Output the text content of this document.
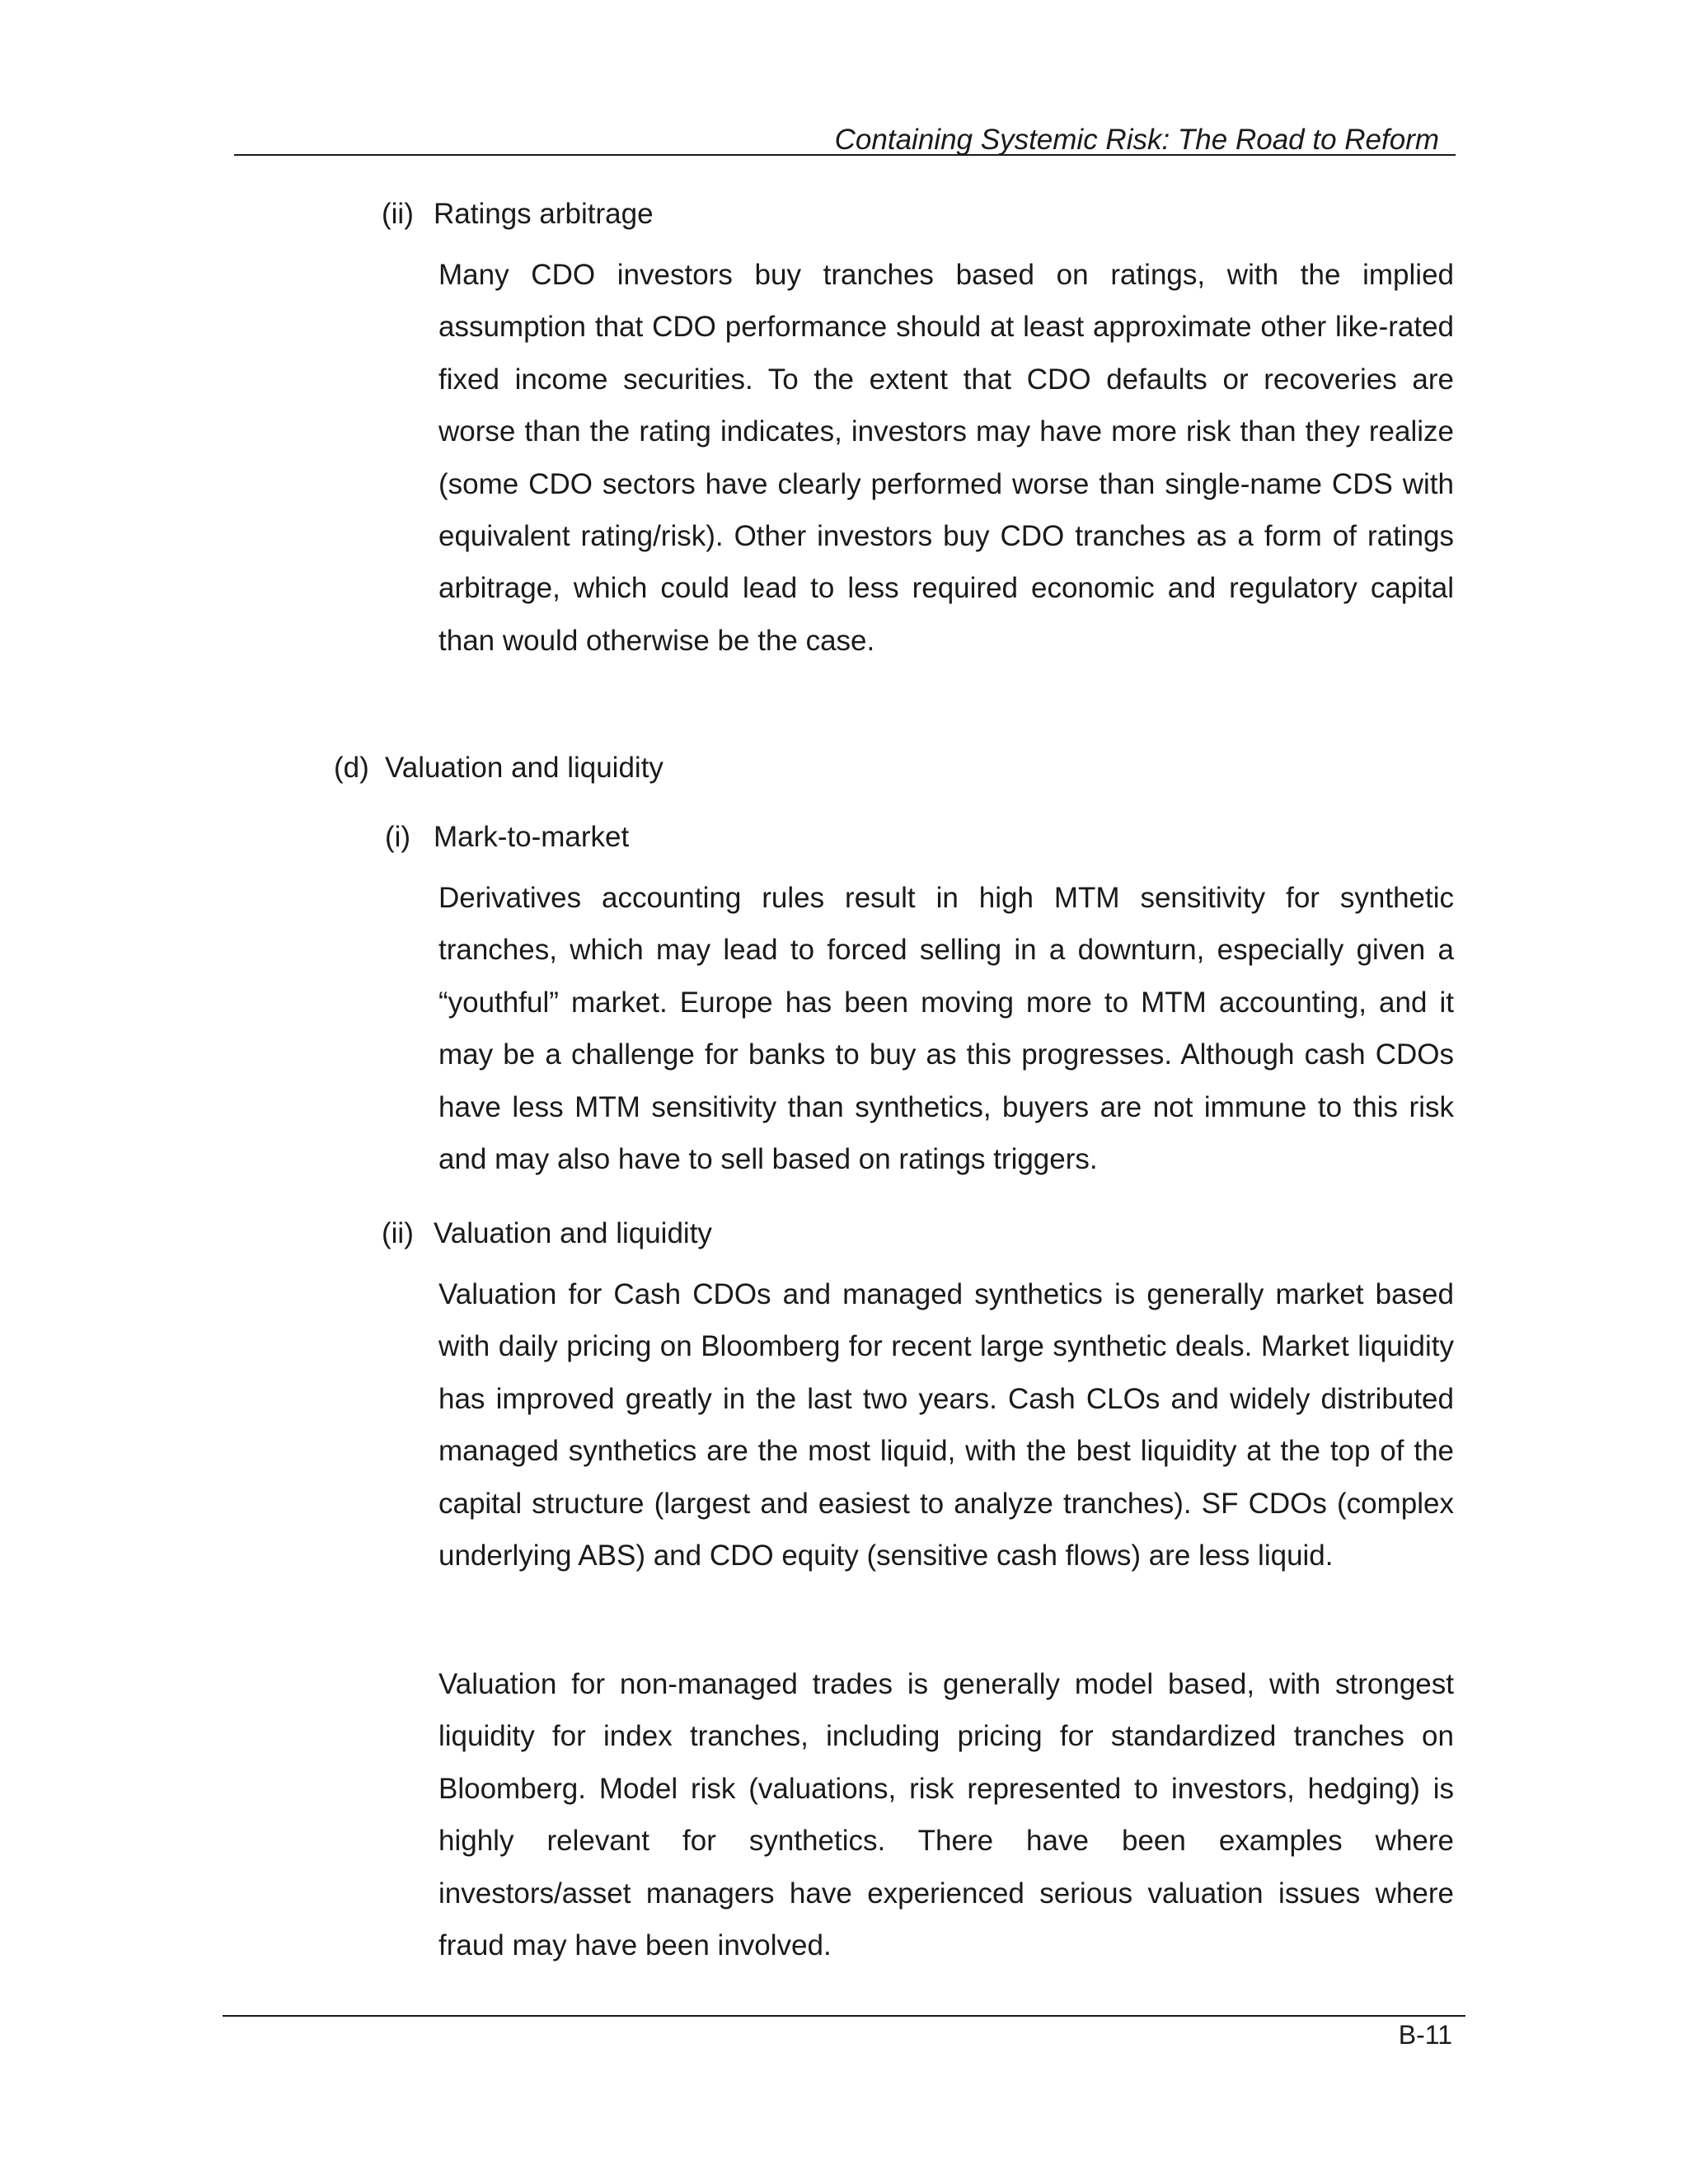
Containing Systemic Risk: The Road to Reform
(ii) Ratings arbitrage
Many CDO investors buy tranches based on ratings, with the implied assumption that CDO performance should at least approximate other like-rated fixed income securities. To the extent that CDO defaults or recoveries are worse than the rating indicates, investors may have more risk than they realize (some CDO sectors have clearly performed worse than single-name CDS with equivalent rating/risk). Other investors buy CDO tranches as a form of ratings arbitrage, which could lead to less required economic and regulatory capital than would otherwise be the case.
(d) Valuation and liquidity
(i) Mark-to-market
Derivatives accounting rules result in high MTM sensitivity for synthetic tranches, which may lead to forced selling in a downturn, especially given a “youthful” market. Europe has been moving more to MTM accounting, and it may be a challenge for banks to buy as this progresses. Although cash CDOs have less MTM sensitivity than synthetics, buyers are not immune to this risk and may also have to sell based on ratings triggers.
(ii) Valuation and liquidity
Valuation for Cash CDOs and managed synthetics is generally market based with daily pricing on Bloomberg for recent large synthetic deals. Market liquidity has improved greatly in the last two years. Cash CLOs and widely distributed managed synthetics are the most liquid, with the best liquidity at the top of the capital structure (largest and easiest to analyze tranches). SF CDOs (complex underlying ABS) and CDO equity (sensitive cash flows) are less liquid.
Valuation for non-managed trades is generally model based, with strongest liquidity for index tranches, including pricing for standardized tranches on Bloomberg. Model risk (valuations, risk represented to investors, hedging) is highly relevant for synthetics. There have been examples where investors/asset managers have experienced serious valuation issues where fraud may have been involved.
B-11
